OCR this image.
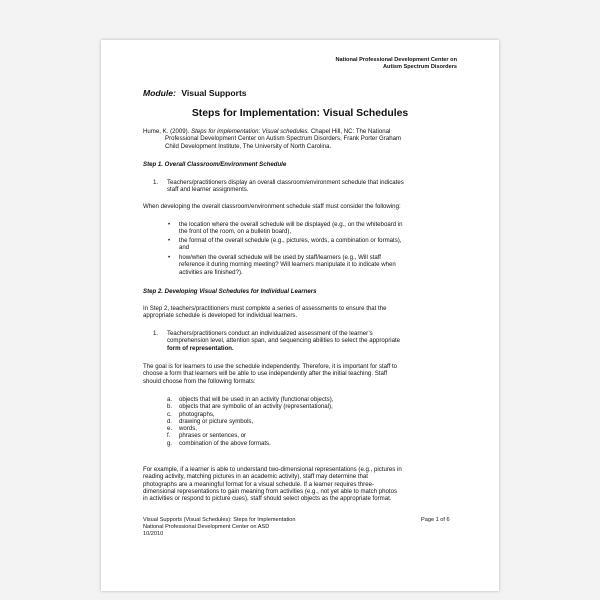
National Professional Development Center on
Autism Spectrum Disorders
Module: Visual Supports
Steps for Implementation: Visual Schedules
Hume, K. (2009). Steps for implementation: Visual schedules. Chapel Hill, NC: The National
Professional Development Center on Autism Spectrum Disorders, Frank Porter Graham
Child Development Institute, The University of North Carolina.
Step 1. Overall Classroom/Environment Schedule
1. Teachers/practitioners display an overall classroom/environment schedule that indicates
staff and learner assignments.
When developing the overall classroom/environment schedule staff must consider the following:
• the location where the overall schedule will be displayed (e.g., on the whiteboard in
the front of the room, on a bulletin board),
• the format of the overall schedule (e.g., pictures, words, a combination or formats),
and
• how/when the overall schedule will be used by staff/learners (e.g., Will staff
reference it during morning meeting? Will learners manipulate it to indicate when
activities are finished?).
Step 2. Developing Visual Schedules for Individual Learners
In Step 2, teachers/practitioners must complete a series of assessments to ensure that the
appropriate schedule is developed for individual learners.
1. Teachers/practitioners conduct an individualized assessment of the learner’s
comprehension level, attention span, and sequencing abilities to select the appropriate
form of representation.
The goal is for learners to use the schedule independently. Therefore, it is important for staff to
choose a form that learners will be able to use independently after the initial teaching. Staff
should choose from the following formats:
a. objects that will be used in an activity (functional objects),
b. objects that are symbolic of an activity (representational),
c. photographs,
d. drawing or picture symbols,
e. words,
f. phrases or sentences, or
g. combination of the above formats.
For example, if a learner is able to understand two-dimensional representations (e.g., pictures in
reading activity, matching pictures in an academic activity), staff may determine that
photographs are a meaningful format for a visual schedule. If a learner requires three-
dimensional representations to gain meaning from activities (e.g., not yet able to match photos
in activities or respond to picture cues), staff should select objects as the appropriate format.
Visual Supports (Visual Schedules): Steps for Implementation
National Professional Development Center on ASD
10/2010
Page 1 of 6
